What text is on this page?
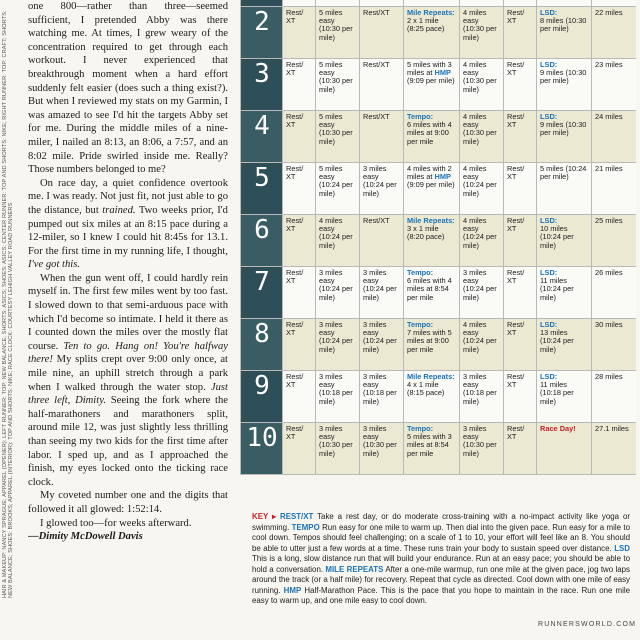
HAIR & MAKEUP: NANCY SPRAGUE; APPAREL (OPENER): LEFT RUNNER: TOP: NEW BALANCE; SHORTS: ASICS; SHOES: ASICS; CENTER RUNNER: TOP AND SHORTS: NIKE; RIGHT RUNNER: TOP: CRAFT; SHORTS: NEW BALANCE; SHOES: BROOKS; APPAREL (INTERIOR): TOP AND SHORTS: NIKE; RACE CLOCK: COURTESY LEHIGH VALLEY ROAD RUNNERS

one 800—rather than three—seemed sufficient, I pretended Abby was there watching me. At times, I grew weary of the concentration required to get through each workout. I never experienced that breakthrough moment when a hard effort suddenly felt easier (does such a thing exist?). But when I reviewed my stats on my Garmin, I was amazed to see I'd hit the targets Abby set for me. During the middle miles of a nine-miler, I nailed an 8:13, an 8:06, a 7:57, and an 8:02 mile. Pride swirled inside me. Really? Those numbers belonged to me?

On race day, a quiet confidence overtook me. I was ready. Not just fit, not just able to go the distance, but trained. Two weeks prior, I'd pumped out six miles at an 8:15 pace during a 12-miler, so I knew I could hit 8:45s for 13.1. For the first time in my running life, I thought, I've got this.

When the gun went off, I could hardly rein myself in. The first few miles went by too fast. I slowed down to that semi-arduous pace with which I'd become so intimate. I held it there as I counted down the miles over the mostly flat course. Ten to go. Hang on! You're halfway there! My splits crept over 9:00 only once, at mile nine, an uphill stretch through a park when I walked through the water stop. Just three left, Dimity. Seeing the fork where the half-marathoners and marathoners split, around mile 12, was just slightly less thrilling than seeing my two kids for the first time after labor. I sped up, and as I approached the finish, my eyes locked onto the ticking race clock.

My coveted number one and the digits that followed it all glowed: 1:52:14.

I glowed too—for weeks afterward.

—Dimity McDowell Davis

2	Rest/ XT	5 miles easy (10:30 per mile)	Rest/XT	Mile Repeats:
2 x 1 mile (8:25 pace)	4 miles easy (10:30 per mile)	Rest/ XT	LSD:
8 miles (10:30 per mile)	22 miles
3	Rest/ XT	5 miles easy (10:30 per mile)	Rest/XT	5 miles with 3 miles at HMP (9:09 per mile)	4 miles easy (10:30 per mile)	Rest/ XT	LSD:
9 miles (10:30 per mile)	23 miles
4	Rest/ XT	5 miles easy (10:30 per mile)	Rest/XT	Tempo:
6 miles with 4 miles at 9:00 per mile	4 miles easy (10:30 per mile)	Rest/ XT	LSD:
9 miles (10:30 per mile)	24 miles
5	Rest/ XT	5 miles easy (10:24 per mile)	3 miles easy (10:24 per mile)	4 miles with 2 miles at HMP (9:09 per mile)	4 miles easy (10:24 per mile)	Rest/ XT	5 miles (10:24 per mile)	21 miles
6	Rest/ XT	4 miles easy (10:24 per mile)	Rest/XT	Mile Repeats:
3 x 1 mile (8:20 pace)	4 miles easy (10:24 per mile)	Rest/ XT	LSD:
10 miles (10:24 per mile)	25 miles
7	Rest/ XT	3 miles easy (10:24 per mile)	3 miles easy (10:24 per mile)	Tempo:
6 miles with 4 miles at 8:54 per mile	3 miles easy (10:24 per mile)	Rest/ XT	LSD:
11 miles (10:24 per mile)	26 miles
8	Rest/ XT	3 miles easy (10:24 per mile)	3 miles easy (10:24 per mile)	Tempo:
7 miles with 5 miles at 9:00 per mile	4 miles easy (10:24 per mile)	Rest/ XT	LSD:
13 miles (10:24 per mile)	30 miles
9	Rest/ XT	3 miles easy (10:18 per mile)	3 miles easy (10:18 per mile)	Mile Repeats:
4 x 1 mile (8:15 pace)	3 miles easy (10:18 per mile)	Rest/ XT	LSD:
11 miles (10:18 per mile)	28 miles
10	Rest/ XT	3 miles easy (10:30 per mile)	3 miles easy (10:30 per mile)	Tempo:
5 miles with 3 miles at 8:54 per mile	3 miles easy (10:30 per mile)	Rest/ XT	Race Day!	27.1 miles
KEY ▸ REST/XT Take a rest day, or do moderate cross-training with a no-impact activity like yoga or swimming. TEMPO Run easy for one mile to warm up. Then dial into the given pace. Run easy for a mile to cool down. Tempos should feel challenging; on a scale of 1 to 10, your effort will feel like an 8. You should be able to utter just a few words at a time. These runs train your body to sustain speed over distance. LSD This is a long, slow distance run that will build your endurance. Run at an easy pace; you should be able to hold a conversation. MILE REPEATS After a one-mile warmup, run one mile at the given pace, jog two laps around the track (or a half mile) for recovery. Repeat that cycle as directed. Cool down with one mile of easy running. HMP Half-Marathon Pace. This is the pace that you hope to maintain in the race. Run one mile easy to warm up, and one mile easy to cool down.
RUNNERSWORLD.COM
